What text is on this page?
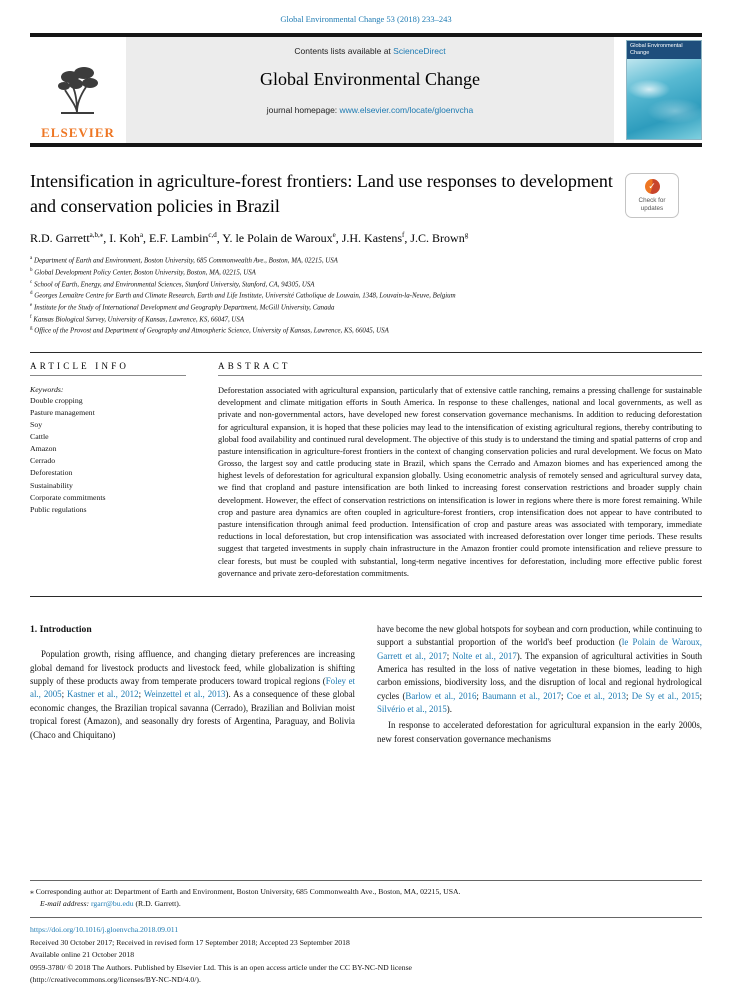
Global Environmental Change 53 (2018) 233–243
ELSEVIER
Contents lists available at ScienceDirect
Global Environmental Change
journal homepage: www.elsevier.com/locate/gloenvcha
Global Environmental Change
Intensification in agriculture-forest frontiers: Land use responses to development and conservation policies in Brazil
✓
Check for
updates
R.D. Garrett$^{a,b,⁎}$ , I. Koh$^a$ , E.F. Lambin$^{c,d}$ , Y. le Polain de Waroux$^e$ , J.H. Kastens$^f$ , J.C. Brown$^g$
$^a$ Department of Earth and Environment, Boston University, 685 Commonwealth Ave., Boston, MA, 02215, USA
$^b$ Global Development Policy Center, Boston University, Boston, MA, 02215, USA
$^c$ School of Earth, Energy, and Environmental Sciences, Stanford University, Stanford, CA, 94305, USA
$^d$ Georges Lemaître Centre for Earth and Climate Research, Earth and Life Institute, Université Catholique de Louvain, 1348, Louvain-la-Neuve, Belgium
$^e$ Institute for the Study of International Development and Geography Department, McGill University, Canada
$^f$ Kansas Biological Survey, University of Kansas, Lawrence, KS, 66047, USA
$^g$ Office of the Provost and Department of Geography and Atmospheric Science, University of Kansas, Lawrence, KS, 66045, USA
ARTICLE INFO
Keywords:
Double cropping
Pasture management
Soy
Cattle
Amazon
Cerrado
Deforestation
Sustainability
Corporate commitments
Public regulations
ABSTRACT
Deforestation associated with agricultural expansion, particularly that of extensive cattle ranching, remains a pressing challenge for sustainable development and climate mitigation efforts in South America. In response to these challenges, national and local governments, as well as private and non-governmental actors, have developed new forest conservation governance mechanisms. In addition to reducing deforestation for agricultural expansion, it is hoped that these policies may lead to the intensification of existing agricultural regions, thereby contributing to global food availability and continued rural development. The objective of this study is to understand the timing and spatial patterns of crop and pasture intensification in agriculture-forest frontiers in the context of changing conservation policies and rural development. We focus on Mato Grosso, the largest soy and cattle producing state in Brazil, which spans the Cerrado and Amazon biomes and has experienced among the highest levels of deforestation for agricultural expansion globally. Using econometric analysis of remotely sensed and agricultural survey data, we find that cropland and pasture intensification are both linked to increasing forest conservation restrictions and broader supply chain development. However, the effect of conservation restrictions on intensification is lower in regions where there is more forest remaining. While crop and pasture area dynamics are often coupled in agriculture-forest frontiers, crop intensification does not appear to have contributed to pasture intensification through animal feed production. Intensification of crop and pasture areas was associated with temporary, immediate reductions in local deforestation, but crop intensification was associated with increased deforestation over longer time periods. These results suggest that targeted investments in supply chain infrastructure in the Amazon frontier could promote intensification and relieve pressure to clear forests, but must be coupled with substantial, long-term negative incentives for deforestation, including more effective public forest governance and private zero-deforestation commitments.
1. Introduction
Population growth, rising affluence, and changing dietary preferences are increasing global demand for livestock products and livestock feed, while globalization is shifting supply of these products away from temperate producers toward tropical regions (Foley et al., 2005; Kastner et al., 2012; Weinzettel et al., 2013). As a consequence of these global economic changes, the Brazilian tropical savanna (Cerrado), Brazilian and Bolivian moist tropical forest (Amazon), and seasonally dry forests of Argentina, Paraguay, and Bolivia (Chaco and Chiquitano)
have become the new global hotspots for soybean and corn production, while continuing to support a substantial proportion of the world's beef production (le Polain de Waroux, Garrett et al., 2017; Nolte et al., 2017). The expansion of agricultural activities in South America has resulted in the loss of native vegetation in these biomes, leading to high carbon emissions, biodiversity loss, and the disruption of local and regional hydrological cycles (Barlow et al., 2016; Baumann et al., 2017; Coe et al., 2013; De Sy et al., 2015; Silvério et al., 2015).
In response to accelerated deforestation for agricultural expansion in the early 2000s, new forest conservation governance mechanisms
⁎ Corresponding author at: Department of Earth and Environment, Boston University, 685 Commonwealth Ave., Boston, MA, 02215, USA.
E-mail address: rgarr@bu.edu (R.D. Garrett).
https://doi.org/10.1016/j.gloenvcha.2018.09.011
Received 30 October 2017; Received in revised form 17 September 2018; Accepted 23 September 2018
Available online 21 October 2018
0959-3780/ © 2018 The Authors. Published by Elsevier Ltd. This is an open access article under the CC BY-NC-ND license
(http://creativecommons.org/licenses/BY-NC-ND/4.0/).
